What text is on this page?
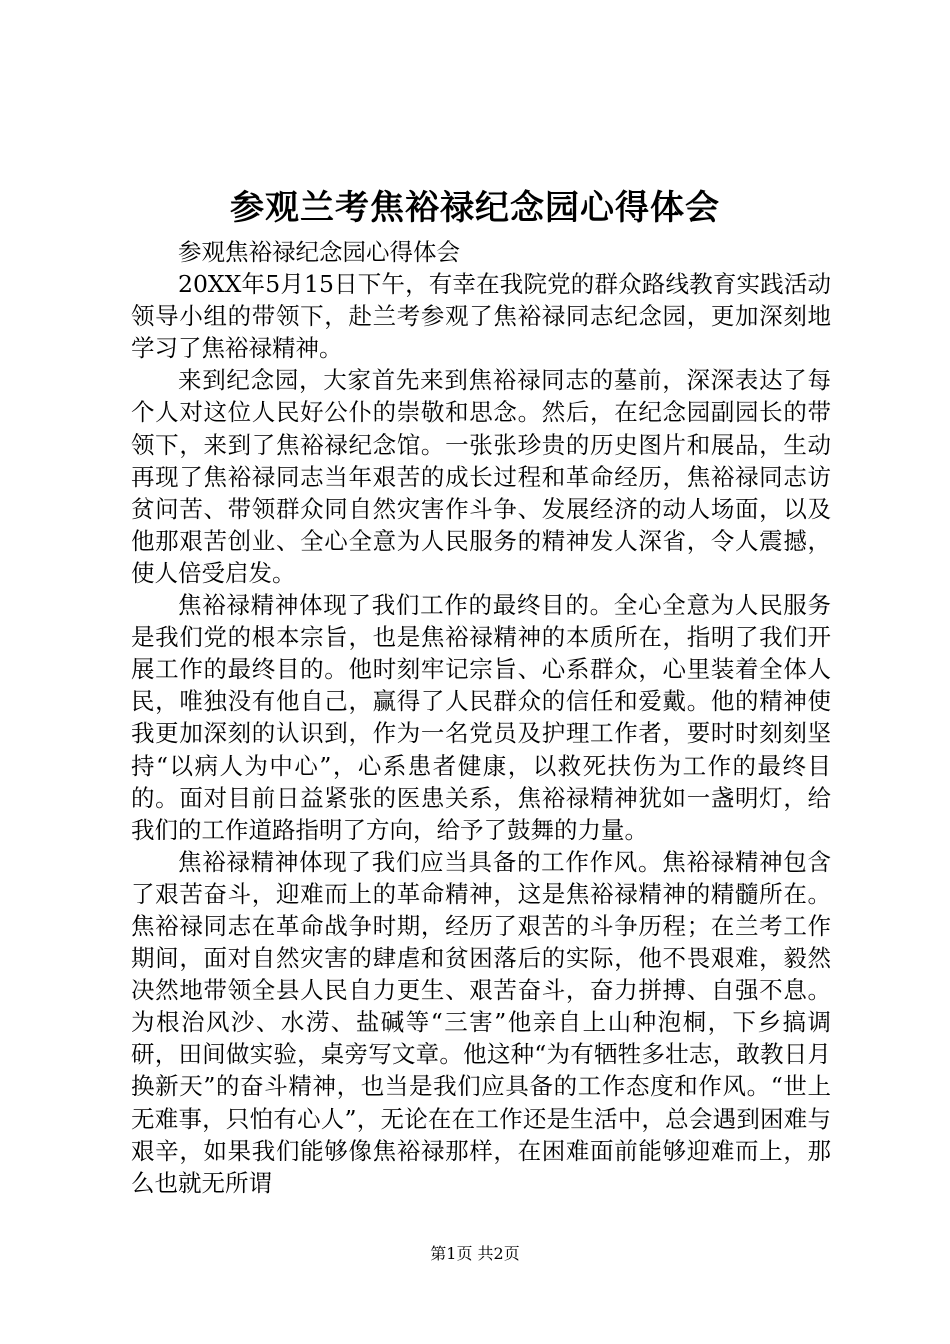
参观兰考焦裕禄纪念园心得体会

参观焦裕禄纪念园心得体会

20XX年5月15日下午，有幸在我院党的群众路线教育实践活动领导小组的带领下，赴兰考参观了焦裕禄同志纪念园，更加深刻地学习了焦裕禄精神。

来到纪念园，大家首先来到焦裕禄同志的墓前，深深表达了每个人对这位人民好公仆的崇敬和思念。然后，在纪念园副园长的带领下，来到了焦裕禄纪念馆。一张张珍贵的历史图片和展品，生动再现了焦裕禄同志当年艰苦的成长过程和革命经历，焦裕禄同志访贫问苦、带领群众同自然灾害作斗争、发展经济的动人场面，以及他那艰苦创业、全心全意为人民服务的精神发人深省，令人震撼，使人倍受启发。

焦裕禄精神体现了我们工作的最终目的。全心全意为人民服务是我们党的根本宗旨，也是焦裕禄精神的本质所在，指明了我们开展工作的最终目的。他时刻牢记宗旨、心系群众，心里装着全体人民，唯独没有他自己，赢得了人民群众的信任和爱戴。他的精神使我更加深刻的认识到，作为一名党员及护理工作者，要时时刻刻坚持“以病人为中心”，心系患者健康，以救死扶伤为工作的最终目的。面对目前日益紧张的医患关系，焦裕禄精神犹如一盏明灯，给我们的工作道路指明了方向，给予了鼓舞的力量。

焦裕禄精神体现了我们应当具备的工作作风。焦裕禄精神包含了艰苦奋斗，迎难而上的革命精神，这是焦裕禄精神的精髓所在。焦裕禄同志在革命战争时期，经历了艰苦的斗争历程；在兰考工作期间，面对自然灾害的肆虐和贫困落后的实际，他不畏艰难，毅然决然地带领全县人民自力更生、艰苦奋斗，奋力拼搏、自强不息。为根治风沙、水涝、盐碱等“三害”他亲自上山种泡桐，下乡搞调研，田间做实验，桌旁写文章。他这种“为有牺牲多壮志，敢教日月换新天”的奋斗精神，也当是我们应具备的工作态度和作风。“世上无难事，只怕有心人”，无论在在工作还是生活中，总会遇到困难与艰辛，如果我们能够像焦裕禄那样，在困难面前能够迎难而上，那么也就无所谓

第1页 共2页
